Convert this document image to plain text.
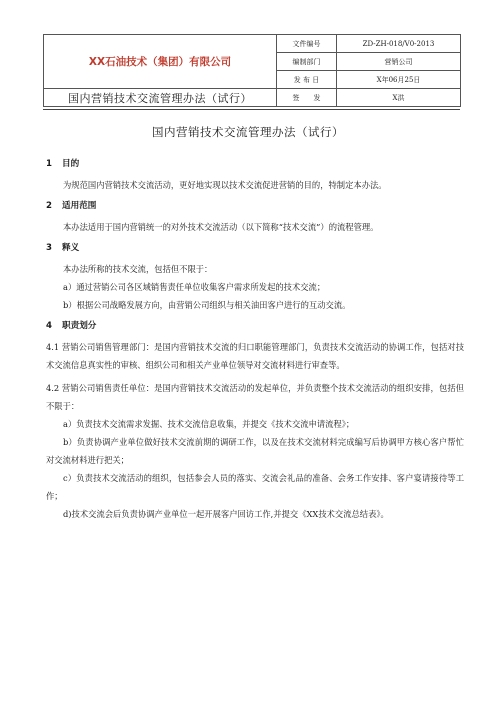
XX石油技术（集团）有限公司	文件编号	ZD-ZH-018/V0-2013
	编制部门	营销公司
	发 布 日	X年06月25日
国内营销技术交流管理办法（试行）	签　　发	X洪
国内营销技术交流管理办法（试行）
1 目的

为规范国内营销技术交流活动，更好地实现以技术交流促进营销的目的，特制定本办法。

2 适用范围

本办法适用于国内营销统一的对外技术交流活动（以下简称“技术交流”）的流程管理。

3 释义

本办法所称的技术交流，包括但不限于：

a）通过营销公司各区域销售责任单位收集客户需求所发起的技术交流；

b）根据公司战略发展方向，由营销公司组织与相关油田客户进行的互动交流。

4 职责划分

4.1 营销公司销售管理部门：是国内营销技术交流的归口职能管理部门，负责技术交流活动的协调工作，包括对技术交流信息真实性的审核、组织公司和相关产业单位领导对交流材料进行审查等。

4.2 营销公司销售责任单位：是国内营销技术交流活动的发起单位，并负责整个技术交流活动的组织安排，包括但不限于：

a）负责技术交流需求发掘、技术交流信息收集，并提交《技术交流申请流程》；

b）负责协调产业单位做好技术交流前期的调研工作，以及在技术交流材料完成编写后协调甲方核心客户帮忙对交流材料进行把关；

c）负责技术交流活动的组织，包括参会人员的落实、交流会礼品的准备、会务工作安排、客户宴请接待等工作；

d)技术交流会后负责协调产业单位一起开展客户回访工作,并提交《XX技术交流总结表》。
